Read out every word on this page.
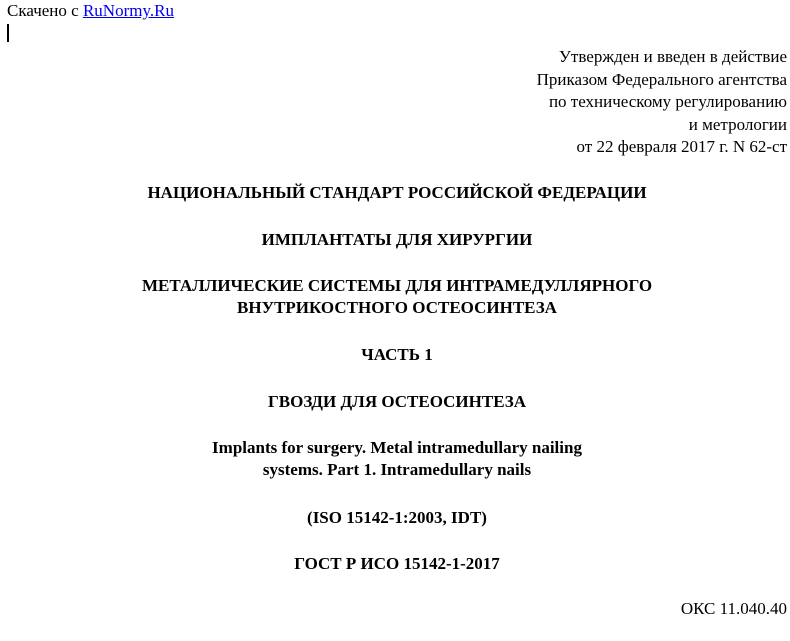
Скачено с RuNormy.Ru
Утвержден и введен в действие
Приказом Федерального агентства
по техническому регулированию
и метрологии
от 22 февраля 2017 г. N 62-ст
НАЦИОНАЛЬНЫЙ СТАНДАРТ РОССИЙСКОЙ ФЕДЕРАЦИИ
ИМПЛАНТАТЫ ДЛЯ ХИРУРГИИ
МЕТАЛЛИЧЕСКИЕ СИСТЕМЫ ДЛЯ ИНТРАМЕДУЛЛЯРНОГО
ВНУТРИКОСТНОГО ОСТЕОСИНТЕЗА
ЧАСТЬ 1
ГВОЗДИ ДЛЯ ОСТЕОСИНТЕЗА
Implants for surgery. Metal intramedullary nailing
systems. Part 1. Intramedullary nails
(ISO 15142-1:2003, IDT)
ГОСТ Р ИСО 15142-1-2017
ОКС 11.040.40
